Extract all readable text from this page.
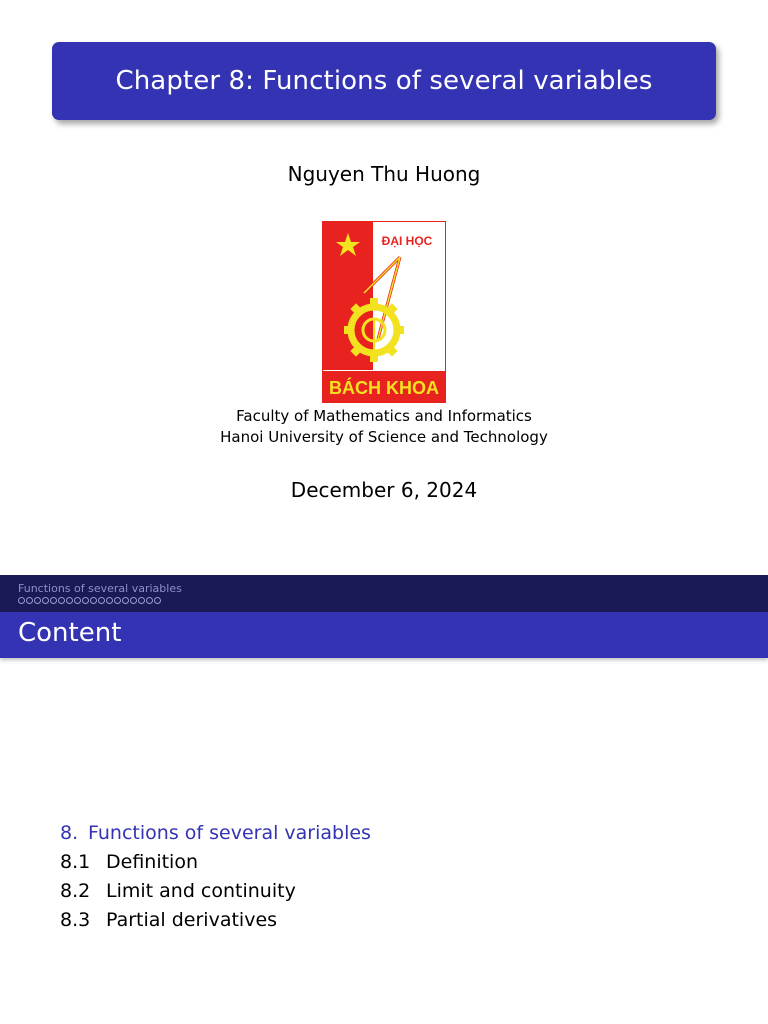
Chapter 8: Functions of several variables
Nguyen Thu Huong
ĐẠI HỌC
BÁCH KHOA
Faculty of Mathematics and Informatics
Hanoi University of Science and Technology
December 6, 2024
Functions of several variables
Content
8. Functions of several variables
8.1 Definition
8.2 Limit and continuity
8.3 Partial derivatives
